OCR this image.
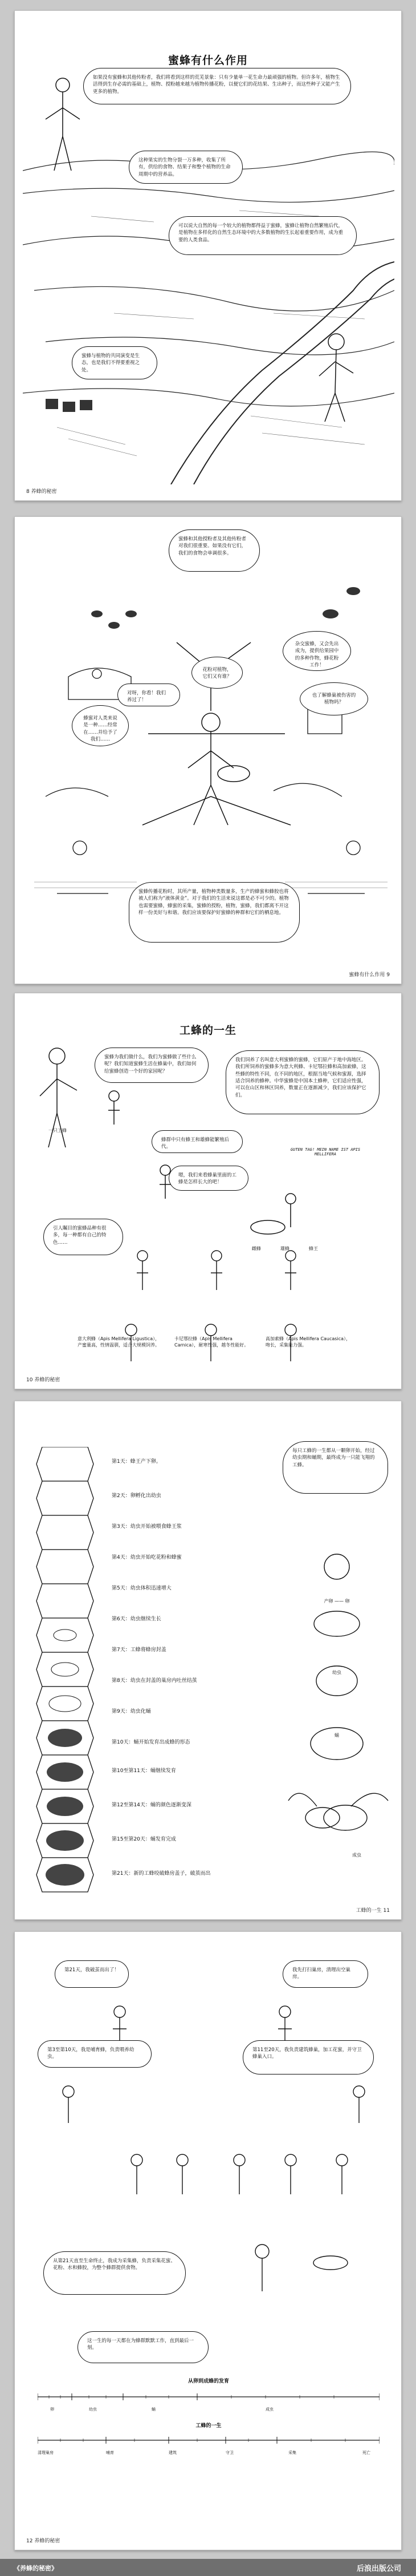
蜜蜂有什么作用
如果没有蜜蜂和其他传粉者，我们将看到这样的荒芜景象：只有少量单一花生命力最顽强的植物。但许多年，植物生活得到生存必需的基础上，植物、授粉越来越为植物传播花粉，以便它们的花结果、生出种子，而这些种子又能产生更多的植物。
这种果实的生物分裂一万多种，收集了所有，供给的食物、结果子和整个植物的生命周期中的营养品。
可以说大自然的每一个较大的植物都得益于蜜蜂，蜜蜂让植物自然繁殖后代，是植物在多样化的自然生态环境中的大多数植物的生长起着重要作用，成为重要的人类食品。
蜜蜂与植物的共同演变是生态，也是我们不得要重视之处。
8 养蜂的秘密
蜜蜂和其他授粉者及其他传粉者对我们很重要。如果没有它们，我们的食物会单调很多。
杂交蜜蜂，又会先出成为，提供给果园中的多种作物，蜂花粉工作！
花粉对植物，它们又有谁？
对呀，你看！我们养过了！
也了解蜂巢被伤害的植物吗？
蜂蜜对人类来说是一种……经常在……并给予了我们……
蜜蜂传播花粉时，其所产量，植物种类数量多，生产的蜂蜜和蜂胶也将被人们称为“液体黄金”。对于我们的生活来说这都是必不可少的。植物也需要蜜蜂，蜂蜜的采集，蜜蜂的授粉，植物，蜜蜂，我们都离不开这样一份美好与和谐。我们应该要保护好蜜蜂的种群和它们的栖息地。
蜜蜂有什么作用 9
工蜂的一生
蜜蜂为我们做什么，我们为蜜蜂做了些什么呢？我们知道蜜蜂生活在蜂巢中，我们如何给蜜蜂创造一个好的家园呢？
我们饲养了名叫意大利蜜蜂的蜜蜂，它们原产于地中海地区。我们所饲养的蜜蜂多为意大利蜂、卡尼鄂拉蜂和高加索蜂，这些蜂的特性不同，在不同的地区，根据当地气候和蜜源，选择适合饲养的蜂种。中华蜜蜂是中国本土蜂种，它们适应性强，可以在山区和林区饲养，数量正在逐渐减少，我们应该保护它们。
蜂群中只有蜂王和雄蜂能繁殖后代。
嗯，我们来看蜂巢里面的工蜂是怎样长大的吧！
引人瞩目的蜜蜂品种有很多，每一种都有自己的特色……
一只工蜂
GUTEN TAG! MEIN NAME IST APIS MELLIFERA
雌蜂	雄蜂	蜂王
意大利蜂（Apis Mellifera Ligustica），产蜜量高，性情温驯，适合大规模饲养。
卡尼鄂拉蜂（Apis Mellifera Carnica），耐寒性强，越冬性能好。
高加索蜂（Apis Mellifera Caucasica），吻长，采集能力强。
10 养蜂的秘密
第1天：蜂王产下卵。
第2天：卵孵化出幼虫
第3天：幼虫开始被喂食蜂王浆
第4天：幼虫开始吃花粉和蜂蜜
第5天：幼虫体积迅速增大
第6天：幼虫继续生长
第7天：工蜂将蜂房封盖
第8天：幼虫在封盖的巢房内吐丝结茧
第9天：幼虫化蛹
第10天：蛹开始发育出成蜂的形态
第10至第11天：蛹继续发育
第12至第14天：蛹的颜色逐渐变深
第15至第20天：蛹发育完成
第21天：新的工蜂咬破蜂房盖子，破茧而出
每只工蜂的一生都从一颗卵开始，经过幼虫期和蛹期，最终成为一只能飞翔的工蜂。
产卵 —— 卵
幼虫
蛹
成虫
工蜂的一生 11
第21天，我破茧而出了！	我先打扫巢房，清理出空巢房。
第3至第10天，我是哺育蜂，负责喂养幼虫。
第11至20天，我负责建筑蜂巢，加工花蜜，并守卫蜂巢入口。
从第21天直至生命终止，我成为采集蜂，负责采集花蜜、花粉、水和蜂胶，为整个蜂群提供食物。
这一生的每一天都在为蜂群默默工作，直到最后一刻。
从卵到成蜂的发育
卵	幼虫	蛹	成虫
工蜂的一生
清理巢房	哺育	建筑	守卫	采集	死亡
12 养蜂的秘密
《养蜂的秘密》	后浪出版公司
